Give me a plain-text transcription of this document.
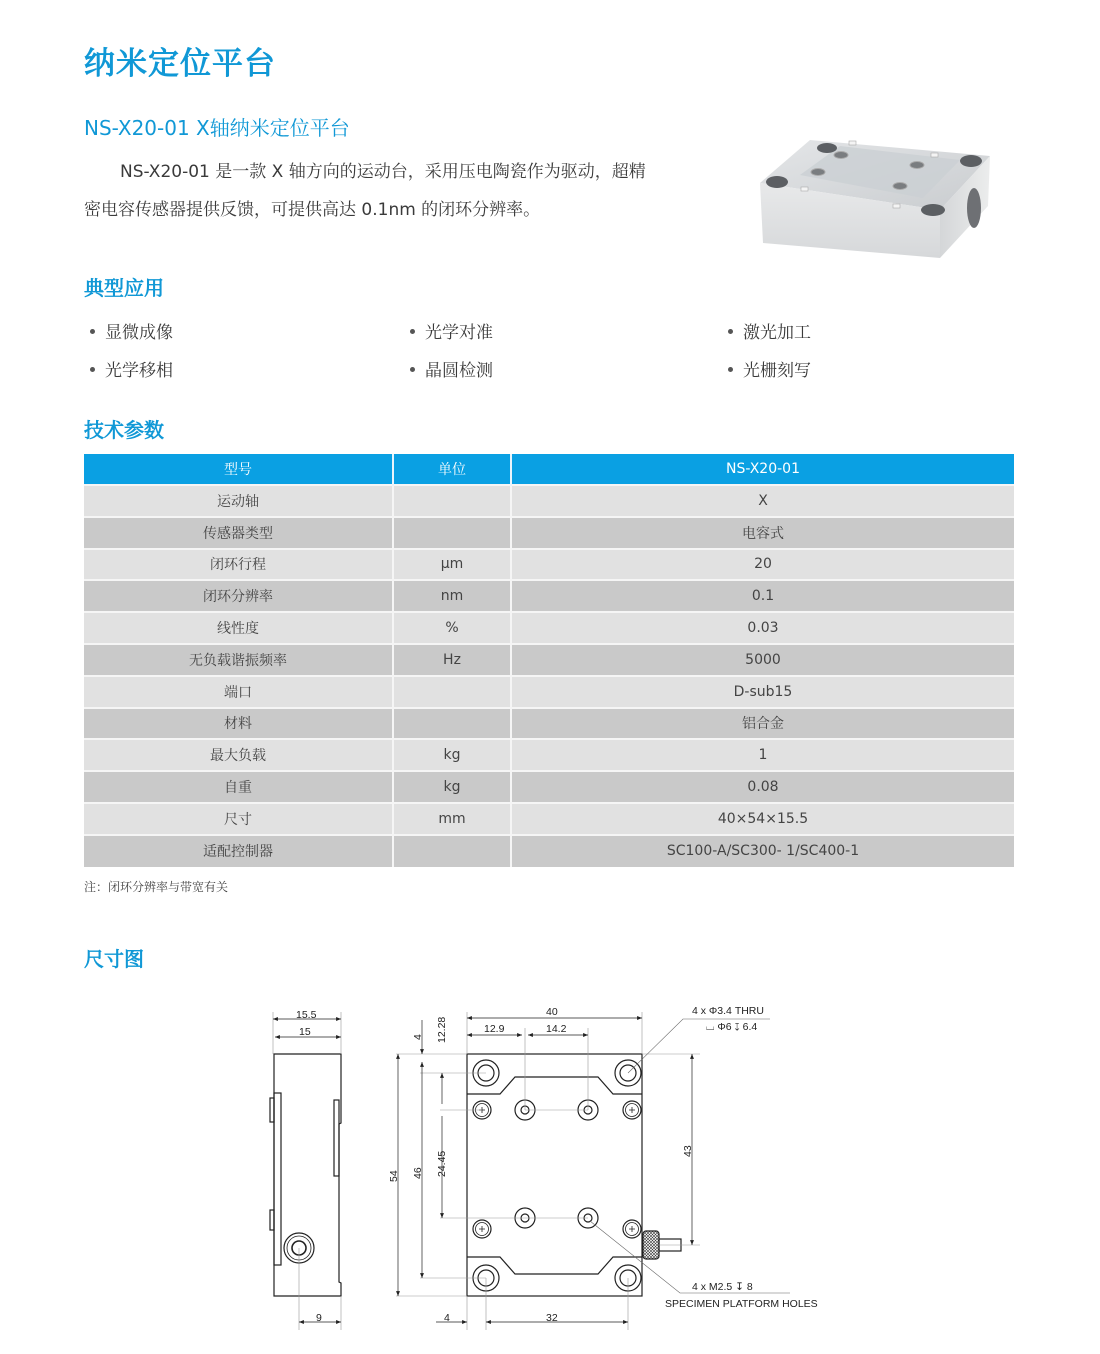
纳米定位平台
NS-X20-01 X轴纳米定位平台
NS-X20-01 是一款 X 轴方向的运动台，采用压电陶瓷作为驱动，超精
密电容传感器提供反馈，可提供高达 0.1nm 的闭环分辨率。
典型应用
显微成像	光学对准	激光加工
光学移相	晶圆检测	光栅刻写
技术参数
型号	单位	NS-X20-01
运动轴		X
传感器类型		电容式
闭环行程	μm	20
闭环分辨率	nm	0.1
线性度	%	0.03
无负载谐振频率	Hz	5000
端口		D-sub15
材料		铝合金
最大负载	kg	1
自重	kg	0.08
尺寸	mm	40×54×15.5
适配控制器		SC100-A/SC300- 1/SC400-1
注：闭环分辨率与带宽有关
尺寸图
15.5
15
9
40
12.9	14.2
4 12.28
54 46 24.45	43
4	32
4 x Φ3.4 THRU
⌴ Φ6 ↧ 6.4
4 x M2.5 ↧ 8
SPECIMEN PLATFORM HOLES
